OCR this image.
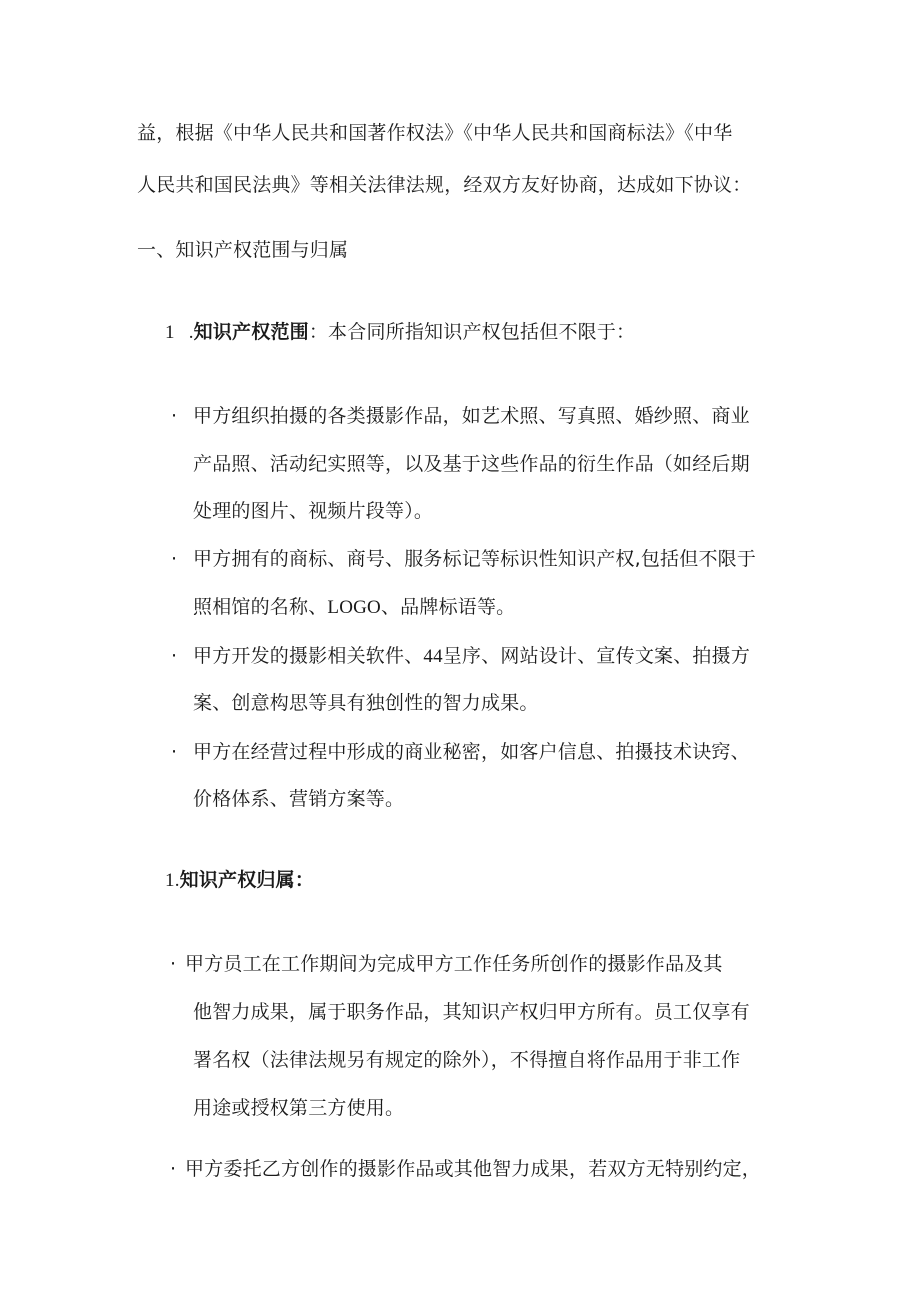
益，根据《中华人民共和国著作权法》《中华人民共和国商标法》《中华
人民共和国民法典》等相关法律法规，经双方友好协商，达成如下协议：
一、知识产权范围与归属
1 .知识产权范围：本合同所指知识产权包括但不限于：
· 甲方组织拍摄的各类摄影作品，如艺术照、写真照、婚纱照、商业
产品照、活动纪实照等，以及基于这些作品的衍生作品（如经后期
处理的图片、视频片段等）。
· 甲方拥有的商标、商号、服务标记等标识性知识产权,包括但不限于
照相馆的名称、LOGO、品牌标语等。
· 甲方开发的摄影相关软件、44呈序、网站设计、宣传文案、拍摄方
案、创意构思等具有独创性的智力成果。
· 甲方在经营过程中形成的商业秘密，如客户信息、拍摄技术诀窍、
价格体系、营销方案等。
1.知识产权归属：
· 甲方员工在工作期间为完成甲方工作任务所创作的摄影作品及其
他智力成果，属于职务作品，其知识产权归甲方所有。员工仅享有
署名权（法律法规另有规定的除外），不得擅自将作品用于非工作
用途或授权第三方使用。
· 甲方委托乙方创作的摄影作品或其他智力成果，若双方无特别约定，
